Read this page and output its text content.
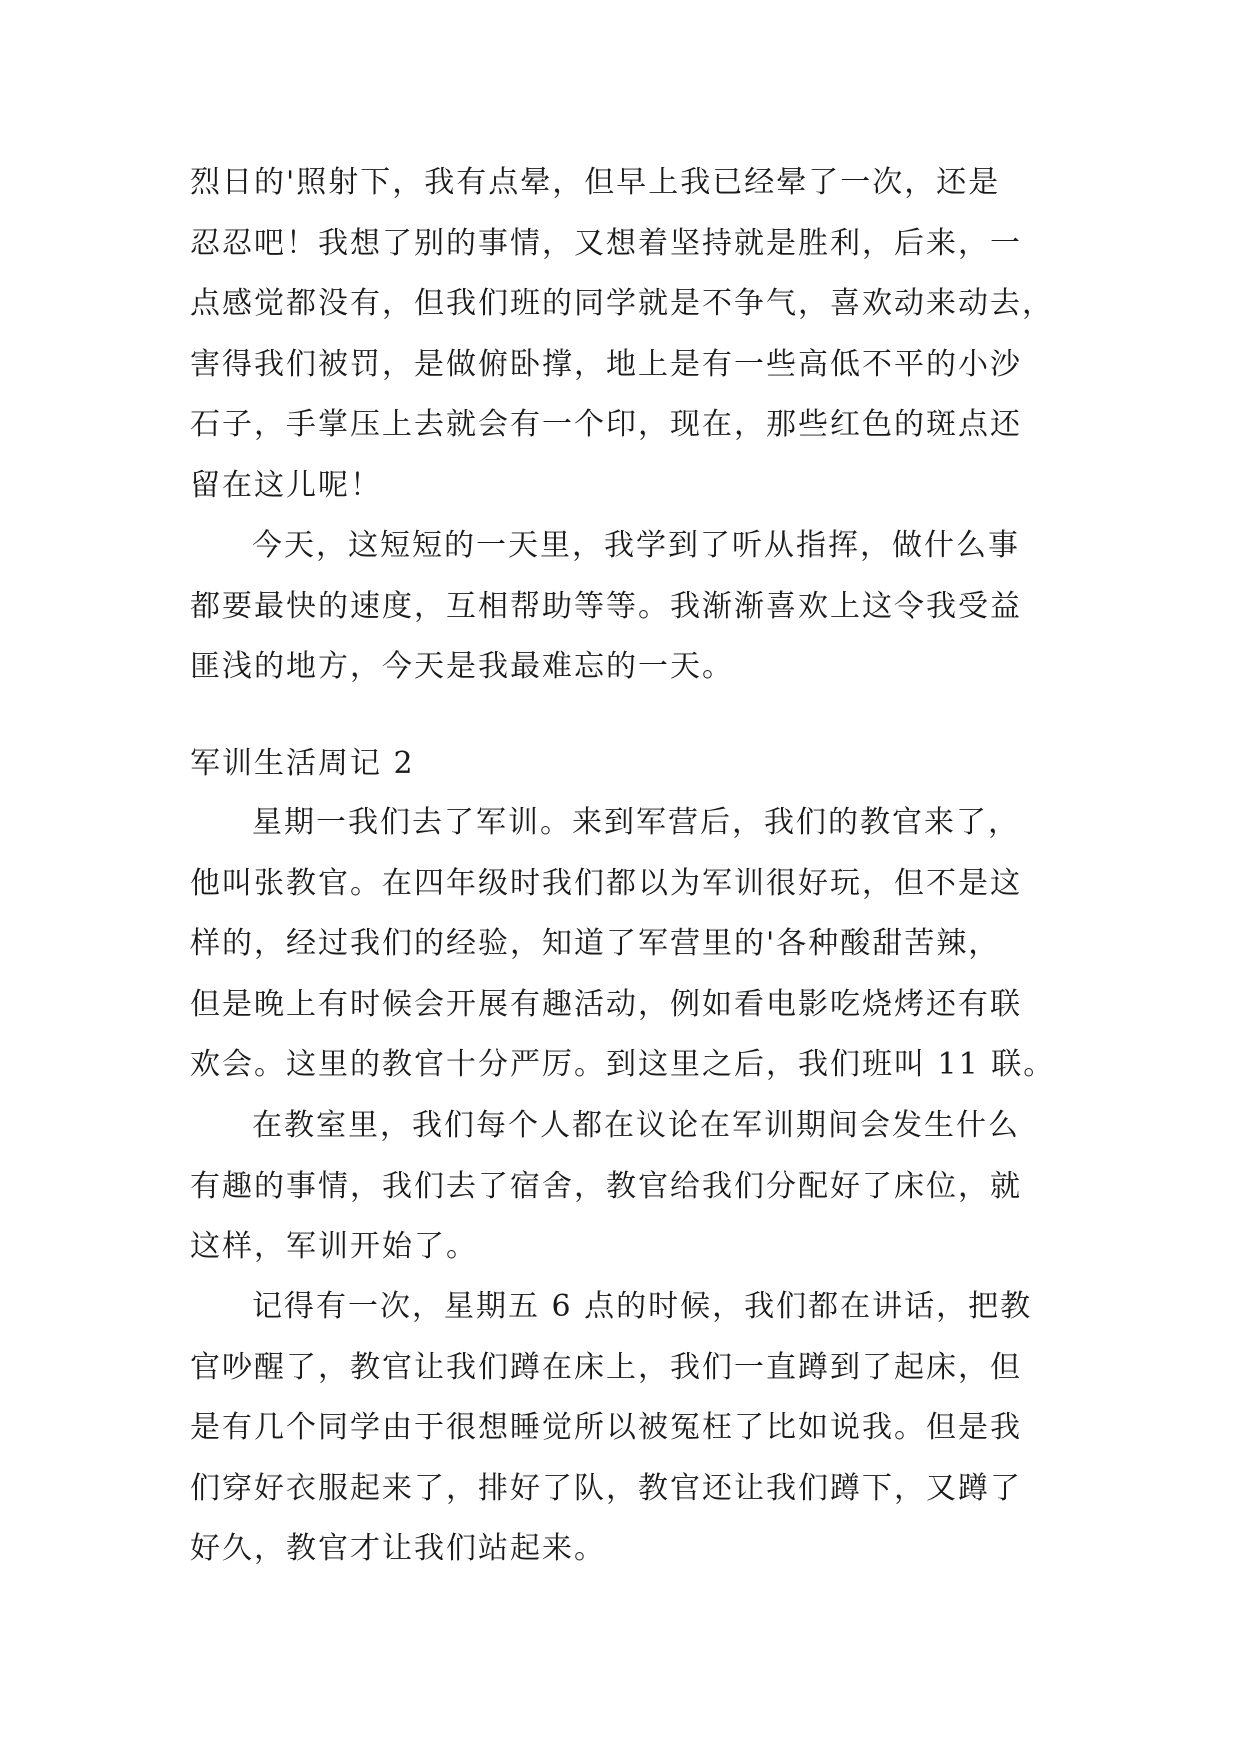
烈日的'照射下，我有点晕，但早上我已经晕了一次，还是
忍忍吧！我想了别的事情，又想着坚持就是胜利，后来，一
点感觉都没有，但我们班的同学就是不争气，喜欢动来动去，
害得我们被罚，是做俯卧撑，地上是有一些高低不平的小沙
石子，手掌压上去就会有一个印，现在，那些红色的斑点还
留在这儿呢！
今天，这短短的一天里，我学到了听从指挥，做什么事
都要最快的速度，互相帮助等等。我渐渐喜欢上这令我受益
匪浅的地方，今天是我最难忘的一天。
军训生活周记 2
星期一我们去了军训。来到军营后，我们的教官来了，
他叫张教官。在四年级时我们都以为军训很好玩，但不是这
样的，经过我们的经验，知道了军营里的'各种酸甜苦辣，
但是晚上有时候会开展有趣活动，例如看电影吃烧烤还有联
欢会。这里的教官十分严厉。到这里之后，我们班叫 11 联。
在教室里，我们每个人都在议论在军训期间会发生什么
有趣的事情，我们去了宿舍，教官给我们分配好了床位，就
这样，军训开始了。
记得有一次，星期五 6 点的时候，我们都在讲话，把教
官吵醒了，教官让我们蹲在床上，我们一直蹲到了起床，但
是有几个同学由于很想睡觉所以被冤枉了比如说我。但是我
们穿好衣服起来了，排好了队，教官还让我们蹲下，又蹲了
好久，教官才让我们站起来。
